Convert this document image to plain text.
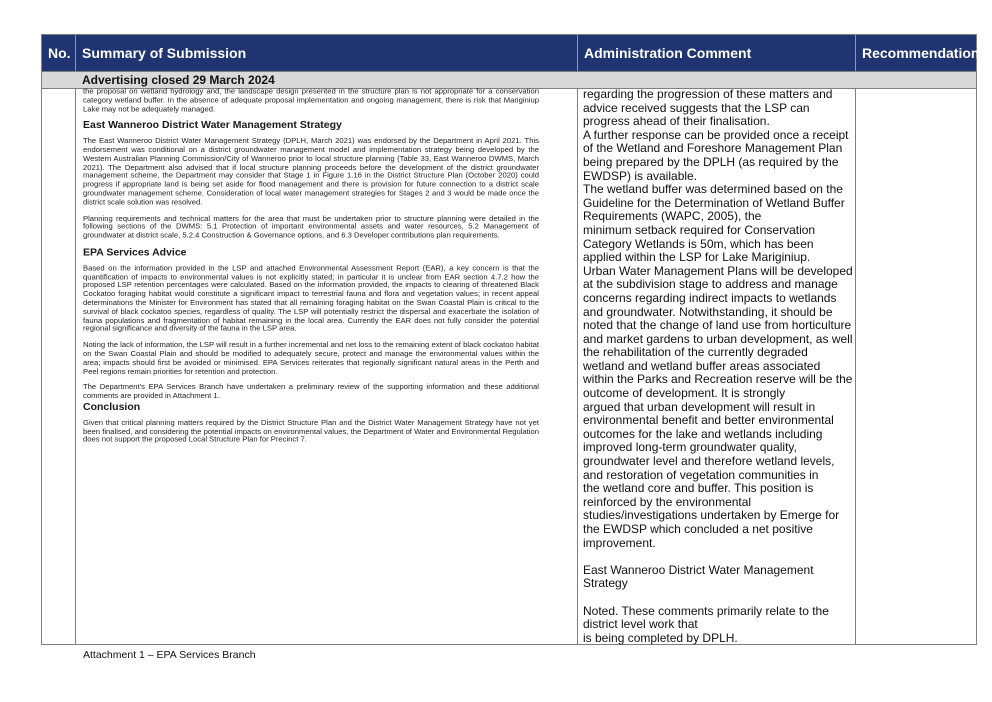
No. Summary of Submission	Administration Comment	Recommendation
Advertising closed 29 March 2024

the proposal on wetland hydrology and, the landscape design presented in the structure plan is not appropriate for a conservation category wetland buffer. In the absence of adequate proposal implementation and ongoing management, there is risk that Mariginiup Lake may not be adequately managed.

East Wanneroo District Water Management Strategy

The East Wanneroo District Water Management Strategy (DPLH, March 2021) was endorsed by the Department in April 2021. This endorsement was conditional on a district groundwater management model and implementation strategy being developed by the Western Australian Planning Commission/City of Wanneroo prior to local structure planning (Table 33, East Wanneroo DWMS, March 2021). The Department also advised that if local structure planning proceeds before the development of the district groundwater management scheme, the Department may consider that Stage 1 in Figure 1.16 in the District Structure Plan (October 2020) could progress if appropriate land is being set aside for flood management and there is provision for future connection to a district scale groundwater management scheme. Consideration of local water management strategies for Stages 2 and 3 would be made once the district scale solution was resolved.

Planning requirements and technical matters for the area that must be undertaken prior to structure planning were detailed in the following sections of the DWMS: 5.1 Protection of important environmental assets and water resources, 5.2 Management of groundwater at district scale, 5.2.4 Construction & Governance options, and 6.3 Developer contributions plan requirements.

EPA Services Advice

Based on the information provided in the LSP and attached Environmental Assessment Report (EAR), a key concern is that the quantification of impacts to environmental values is not explicitly stated; in particular it is unclear from EAR section 4.7.2 how the proposed LSP retention percentages were calculated. Based on the information provided, the impacts to clearing of threatened Black Cockatoo foraging habitat would constitute a significant impact to terrestrial fauna and flora and vegetation values; in recent appeal determinations the Minister for Environment has stated that all remaining foraging habitat on the Swan Coastal Plain is critical to the survival of black cockatoo species, regardless of quality. The LSP will potentially restrict the dispersal and exacerbate the isolation of fauna populations and fragmentation of habitat remaining in the local area. Currently the EAR does not fully consider the potential regional significance and diversity of the fauna in the LSP area.

Noting the lack of information, the LSP will result in a further incremental and net loss to the remaining extent of black cockatoo habitat on the Swan Coastal Plain and should be modified to adequately secure, protect and manage the environmental values within the area; impacts should first be avoided or minimised. EPA Services reiterates that regionally significant natural areas in the Perth and Peel regions remain priorities for retention and protection.

The Department's EPA Services Branch have undertaken a preliminary review of the supporting information and these additional comments are provided in Attachment 1.

Conclusion

Given that critical planning matters required by the District Structure Plan and the District Water Management Strategy have not yet been finalised, and considering the potential impacts on environmental values, the Department of Water and Environmental Regulation does not support the proposed Local Structure Plan for Precinct 7.

Attachment 1 – EPA Services Branch
regarding the progression of these matters and
advice received suggests that the LSP can
progress ahead of their finalisation.
A further response can be provided once a receipt
of the Wetland and Foreshore Management Plan
being prepared by the DPLH (as required by the
EWDSP) is available.
The wetland buffer was determined based on the
Guideline for the Determination of Wetland Buffer
Requirements (WAPC, 2005), the
minimum setback required for Conservation
Category Wetlands is 50m, which has been
applied within the LSP for Lake Mariginiup.
Urban Water Management Plans will be developed
at the subdivision stage to address and manage
concerns regarding indirect impacts to wetlands
and groundwater. Notwithstanding, it should be
noted that the change of land use from horticulture
and market gardens to urban development, as well
the rehabilitation of the currently degraded
wetland and wetland buffer areas associated
within the Parks and Recreation reserve will be the
outcome of development. It is strongly
argued that urban development will result in
environmental benefit and better environmental
outcomes for the lake and wetlands including
improved long-term groundwater quality,
groundwater level and therefore wetland levels,
and restoration of vegetation communities in
the wetland core and buffer. This position is
reinforced by the environmental
studies/investigations undertaken by Emerge for
the EWDSP which concluded a net positive
improvement.
East Wanneroo District Water Management
Strategy
Noted. These comments primarily relate to the
district level work that
is being completed by DPLH.
